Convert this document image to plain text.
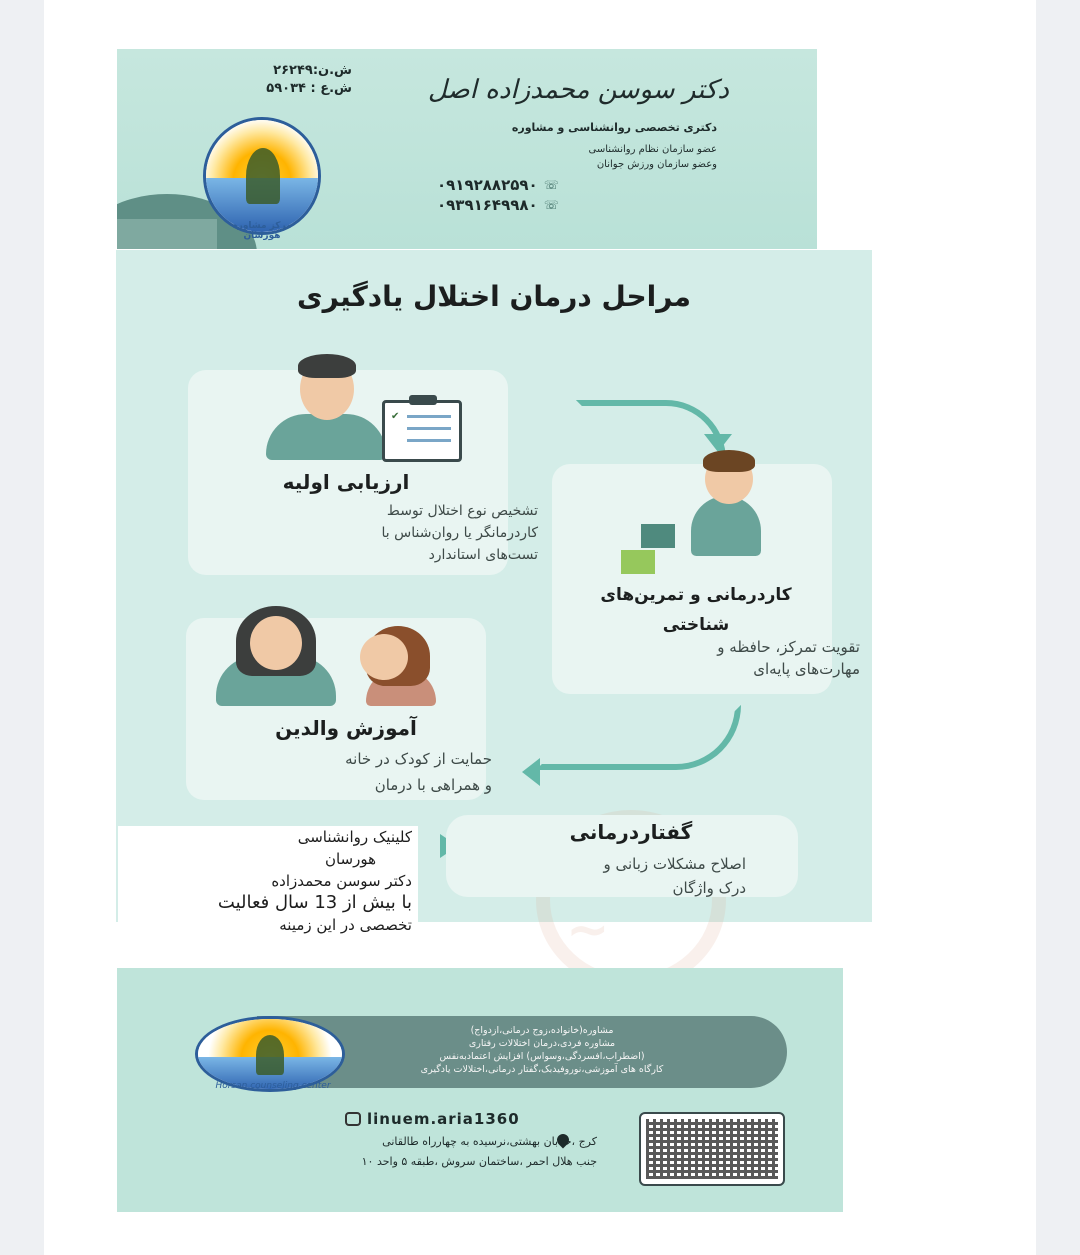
ش.ن:۲۶۲۴۹
ش.ع : ۵۹۰۳۴
مرکز مشاوره هورسان
دکتر سوسن محمدزاده اصل
دکتری تخصصی روانشناسی و مشاوره
عضو سازمان نظام روانشناسی
وعضو سازمان ورزش جوانان
☏
۰۹۱۹۲۸۸۲۵۹۰
☏
۰۹۳۹۱۶۴۹۹۸۰
~
مراحل درمان اختلال یادگیری
✔
ارزیابی اولیه
تشخیص نوع اختلال توسط
کاردرمانگر یا روان‌شناس با
تست‌های استاندارد
کاردرمانی و تمرین‌های
شناختی
تقویت تمرکز، حافظه و
مهارت‌های پایه‌ای
آموزش والدین
حمایت از کودک در خانه
و همراهی با درمان
گفتاردرمانی
اصلاح مشکلات زبانی و
درک واژگان
کلینیک روانشناسی
هورسان
دکتر سوسن محمدزاده
با بیش از 13 سال فعالیت
تخصصی در این زمینه
مشاوره(خانواده،زوج درمانی،ازدواج)
مشاوره فردی،درمان اختلالات رفتاری
(اضطراب،افسردگی،وسواس) افزایش اعتمادبه‌نفس
کارگاه های آموزشی،نوروفیدبک،گفتار درمانی،اختلالات یادگیری
Horsan counseling center
linuem.aria1360
کرج ،خیابان بهشتی،نرسیده به چهارراه طالقانی
جنب هلال احمر ،ساختمان سروش ،طبقه ۵ واحد ۱۰
